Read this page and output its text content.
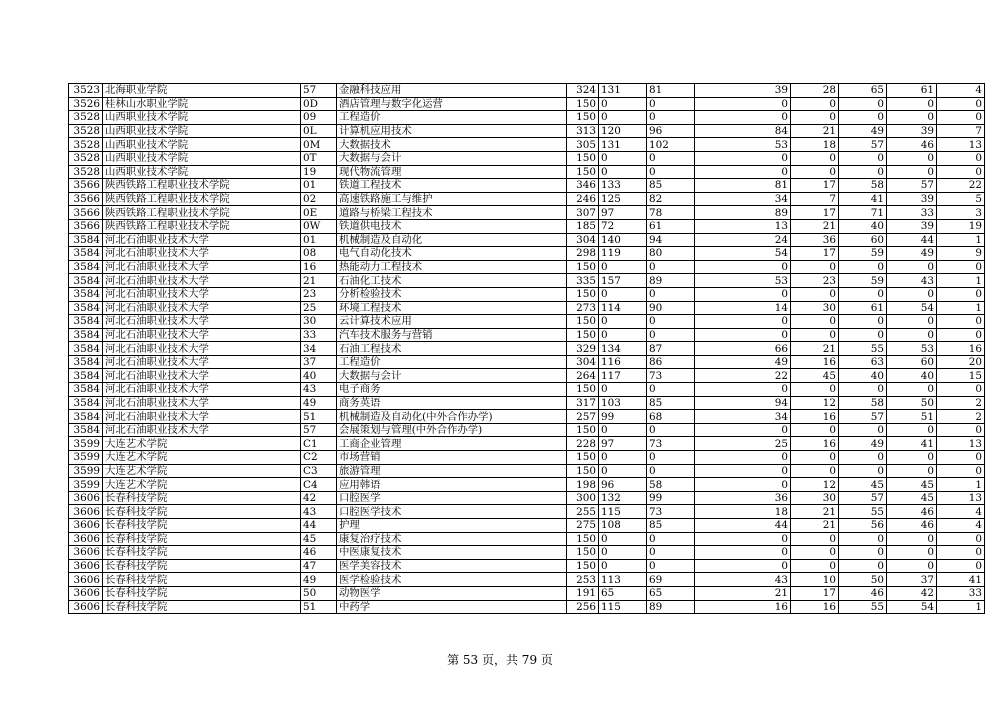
3523	北海职业学院	57	金融科技应用	324	131	81	39	28	65	61	4
3526	桂林山水职业学院	0D	酒店管理与数字化运营	150	0	0	0	0	0	0	0
3528	山西职业技术学院	09	工程造价	150	0	0	0	0	0	0	0
3528	山西职业技术学院	0L	计算机应用技术	313	120	96	84	21	49	39	7
3528	山西职业技术学院	0M	大数据技术	305	131	102	53	18	57	46	13
3528	山西职业技术学院	0T	大数据与会计	150	0	0	0	0	0	0	0
3528	山西职业技术学院	19	现代物流管理	150	0	0	0	0	0	0	0
3566	陕西铁路工程职业技术学院	01	铁道工程技术	346	133	85	81	17	58	57	22
3566	陕西铁路工程职业技术学院	02	高速铁路施工与维护	246	125	82	34	7	41	39	5
3566	陕西铁路工程职业技术学院	0E	道路与桥梁工程技术	307	97	78	89	17	71	33	3
3566	陕西铁路工程职业技术学院	0W	铁道供电技术	185	72	61	13	21	40	39	19
3584	河北石油职业技术大学	01	机械制造及自动化	304	140	94	24	36	60	44	1
3584	河北石油职业技术大学	08	电气自动化技术	298	119	80	54	17	59	49	9
3584	河北石油职业技术大学	16	热能动力工程技术	150	0	0	0	0	0	0	0
3584	河北石油职业技术大学	21	石油化工技术	335	157	89	53	23	59	43	1
3584	河北石油职业技术大学	23	分析检验技术	150	0	0	0	0	0	0	0
3584	河北石油职业技术大学	25	环境工程技术	273	114	90	14	30	61	54	1
3584	河北石油职业技术大学	30	云计算技术应用	150	0	0	0	0	0	0	0
3584	河北石油职业技术大学	33	汽车技术服务与营销	150	0	0	0	0	0	0	0
3584	河北石油职业技术大学	34	石油工程技术	329	134	87	66	21	55	53	16
3584	河北石油职业技术大学	37	工程造价	304	116	86	49	16	63	60	20
3584	河北石油职业技术大学	40	大数据与会计	264	117	73	22	45	40	40	15
3584	河北石油职业技术大学	43	电子商务	150	0	0	0	0	0	0	0
3584	河北石油职业技术大学	49	商务英语	317	103	85	94	12	58	50	2
3584	河北石油职业技术大学	51	机械制造及自动化(中外合作办学)	257	99	68	34	16	57	51	2
3584	河北石油职业技术大学	57	会展策划与管理(中外合作办学)	150	0	0	0	0	0	0	0
3599	大连艺术学院	C1	工商企业管理	228	97	73	25	16	49	41	13
3599	大连艺术学院	C2	市场营销	150	0	0	0	0	0	0	0
3599	大连艺术学院	C3	旅游管理	150	0	0	0	0	0	0	0
3599	大连艺术学院	C4	应用韩语	198	96	58	0	12	45	45	1
3606	长春科技学院	42	口腔医学	300	132	99	36	30	57	45	13
3606	长春科技学院	43	口腔医学技术	255	115	73	18	21	55	46	4
3606	长春科技学院	44	护理	275	108	85	44	21	56	46	4
3606	长春科技学院	45	康复治疗技术	150	0	0	0	0	0	0	0
3606	长春科技学院	46	中医康复技术	150	0	0	0	0	0	0	0
3606	长春科技学院	47	医学美容技术	150	0	0	0	0	0	0	0
3606	长春科技学院	49	医学检验技术	253	113	69	43	10	50	37	41
3606	长春科技学院	50	动物医学	191	65	65	21	17	46	42	33
3606	长春科技学院	51	中药学	256	115	89	16	16	55	54	1
第 53 页，共 79 页
